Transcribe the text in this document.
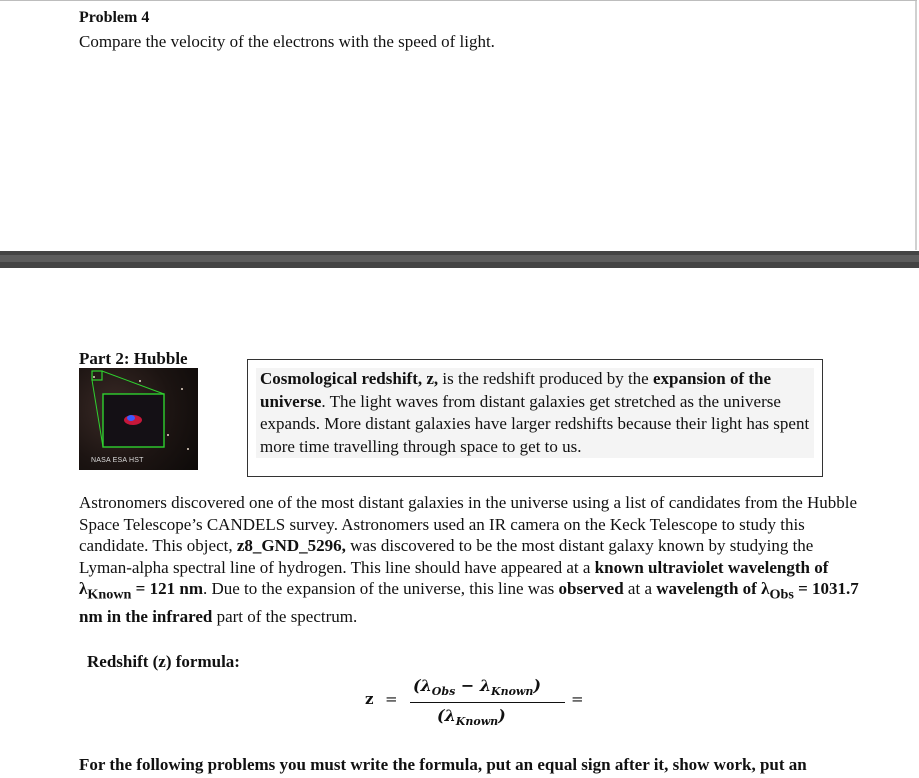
Problem 4
Compare the velocity of the electrons with the speed of light.
Part 2: Hubble
NASA ESA HST
Cosmological redshift, z, is the redshift produced by the expansion of the universe. The light waves from distant galaxies get stretched as the universe expands. More distant galaxies have larger redshifts because their light has spent more time travelling through space to get to us.
Astronomers discovered one of the most distant galaxies in the universe using a list of candidates from the Hubble Space Telescope’s CANDELS survey. Astronomers used an IR camera on the Keck Telescope to study this candidate. This object, z8_GND_5296, was discovered to be the most distant galaxy known by studying the Lyman-alpha spectral line of hydrogen. This line should have appeared at a known ultraviolet wavelength of $\lambda_{Known} = 121$ nm. Due to the expansion of the universe, this line was observed at a wavelength of $\lambda_{Obs} = 1031.7$ nm in the infrared part of the spectrum.
Redshift (z) formula:
z =
$(\lambda_{Obs} - \lambda_{Known})$
$(\lambda_{Known})$
=
For the following problems you must write the formula, put an equal sign after it, show work, put an
